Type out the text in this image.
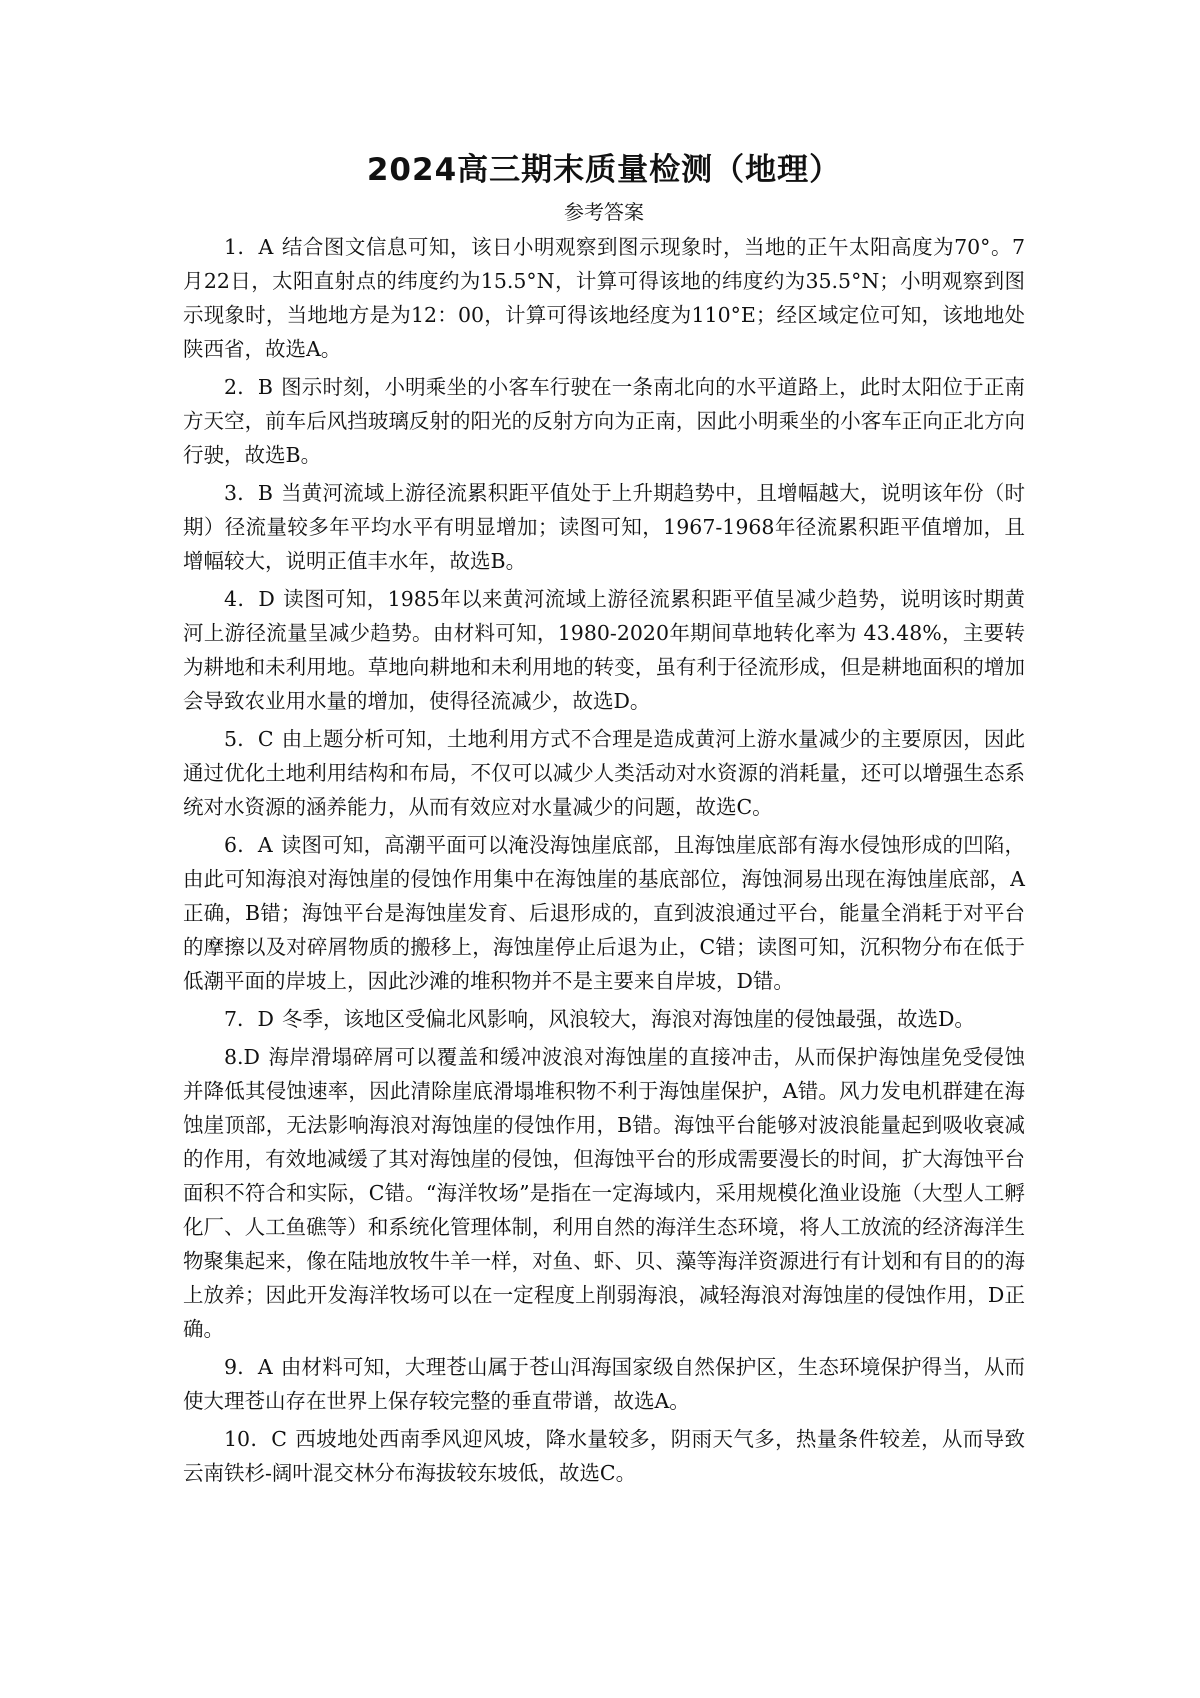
2024高三期末质量检测（地理）
参考答案

1．A 结合图文信息可知，该日小明观察到图示现象时，当地的正午太阳高度为70°。7月22日，太阳直射点的纬度约为15.5°N，计算可得该地的纬度约为35.5°N；小明观察到图示现象时，当地地方是为12：00，计算可得该地经度为110°E；经区域定位可知，该地地处陕西省，故选A。

2．B 图示时刻，小明乘坐的小客车行驶在一条南北向的水平道路上，此时太阳位于正南方天空，前车后风挡玻璃反射的阳光的反射方向为正南，因此小明乘坐的小客车正向正北方向行驶，故选B。

3．B 当黄河流域上游径流累积距平值处于上升期趋势中，且增幅越大，说明该年份（时期）径流量较多年平均水平有明显增加；读图可知，1967-1968年径流累积距平值增加，且增幅较大，说明正值丰水年，故选B。

4．D 读图可知，1985年以来黄河流域上游径流累积距平值呈减少趋势，说明该时期黄河上游径流量呈减少趋势。由材料可知，1980-2020年期间草地转化率为 43.48%，主要转为耕地和未利用地。草地向耕地和未利用地的转变，虽有利于径流形成，但是耕地面积的增加会导致农业用水量的增加，使得径流减少，故选D。

5．C 由上题分析可知，土地利用方式不合理是造成黄河上游水量减少的主要原因，因此通过优化土地利用结构和布局，不仅可以减少人类活动对水资源的消耗量，还可以增强生态系统对水资源的涵养能力，从而有效应对水量减少的问题，故选C。

6．A 读图可知，高潮平面可以淹没海蚀崖底部，且海蚀崖底部有海水侵蚀形成的凹陷，由此可知海浪对海蚀崖的侵蚀作用集中在海蚀崖的基底部位，海蚀洞易出现在海蚀崖底部，A正确，B错；海蚀平台是海蚀崖发育、后退形成的，直到波浪通过平台，能量全消耗于对平台的摩擦以及对碎屑物质的搬移上，海蚀崖停止后退为止，C错；读图可知，沉积物分布在低于低潮平面的岸坡上，因此沙滩的堆积物并不是主要来自岸坡，D错。

7．D 冬季，该地区受偏北风影响，风浪较大，海浪对海蚀崖的侵蚀最强，故选D。

8.D 海岸滑塌碎屑可以覆盖和缓冲波浪对海蚀崖的直接冲击，从而保护海蚀崖免受侵蚀并降低其侵蚀速率，因此清除崖底滑塌堆积物不利于海蚀崖保护，A错。风力发电机群建在海蚀崖顶部，无法影响海浪对海蚀崖的侵蚀作用，B错。海蚀平台能够对波浪能量起到吸收衰减的作用，有效地减缓了其对海蚀崖的侵蚀，但海蚀平台的形成需要漫长的时间，扩大海蚀平台面积不符合和实际，C错。“海洋牧场”是指在一定海域内，采用规模化渔业设施（大型人工孵化厂、人工鱼礁等）和系统化管理体制，利用自然的海洋生态环境，将人工放流的经济海洋生物聚集起来，像在陆地放牧牛羊一样，对鱼、虾、贝、藻等海洋资源进行有计划和有目的的海上放养；因此开发海洋牧场可以在一定程度上削弱海浪，减轻海浪对海蚀崖的侵蚀作用，D正确。

9．A 由材料可知，大理苍山属于苍山洱海国家级自然保护区，生态环境保护得当，从而使大理苍山存在世界上保存较完整的垂直带谱，故选A。

10．C 西坡地处西南季风迎风坡，降水量较多，阴雨天气多，热量条件较差，从而导致云南铁杉-阔叶混交林分布海拔较东坡低，故选C。
